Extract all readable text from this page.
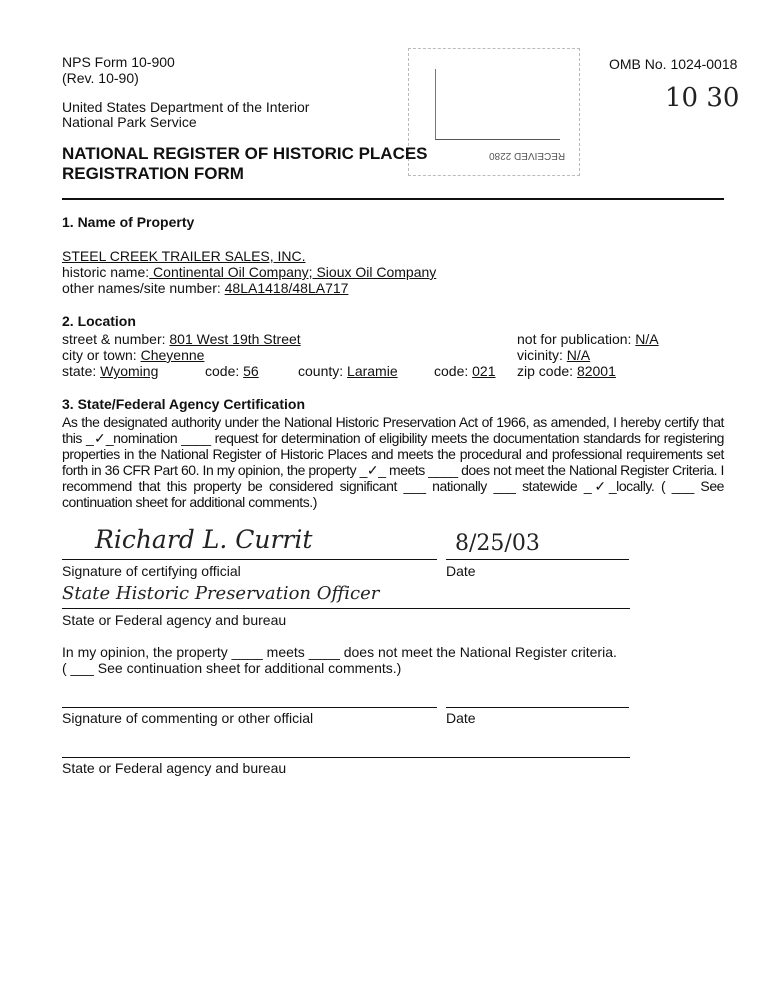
NPS Form 10-900
(Rev. 10-90)
United States Department of the Interior
National Park Service
OMB No. 1024-0018
10 30
RECEIVED 2280
NATIONAL REGISTER OF HISTORIC PLACES
REGISTRATION FORM
1. Name of Property
STEEL CREEK TRAILER SALES, INC.
historic name: Continental Oil Company; Sioux Oil Company
other names/site number: 48LA1418/48LA717
2. Location
street & number: 801 West 19th Street	not for publication: N/A
city or town: Cheyenne	vicinity: N/A
state: Wyoming	code: 56	county: Laramie	code: 021 zip code: 82001
3. State/Federal Agency Certification
As the designated authority under the National Historic Preservation Act of 1966, as amended, I hereby certify that this _✓_nomination ____ request for determination of eligibility meets the documentation standards for registering properties in the National Register of Historic Places and meets the procedural and professional requirements set forth in 36 CFR Part 60. In my opinion, the property _✓_ meets ____ does not meet the National Register Criteria. I recommend that this property be considered significant ___ nationally ___ statewide _✓_locally. ( ___ See continuation sheet for additional comments.)
Richard L. Currit	8/25/03
Signature of certifying official	Date
State Historic Preservation Officer
State or Federal agency and bureau
In my opinion, the property ____ meets ____ does not meet the National Register criteria.
( ___ See continuation sheet for additional comments.)
Signature of commenting or other official	Date
State or Federal agency and bureau
